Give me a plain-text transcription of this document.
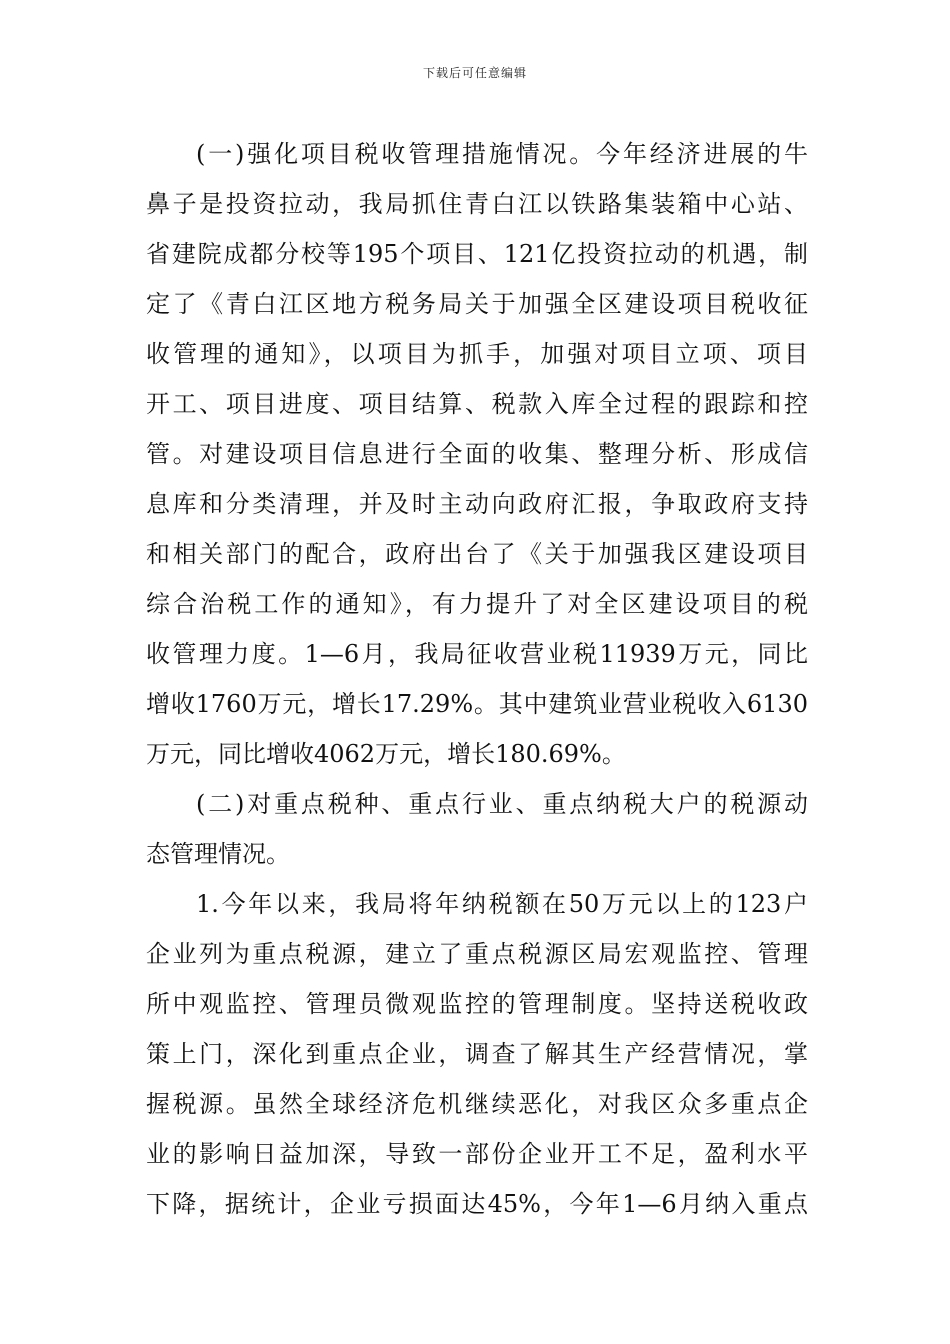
下载后可任意编辑
(一)强化项目税收管理措施情况。今年经济进展的牛
鼻子是投资拉动，我局抓住青白江以铁路集装箱中心站、
省建院成都分校等195个项目、121亿投资拉动的机遇，制
定了《青白江区地方税务局关于加强全区建设项目税收征
收管理的通知》，以项目为抓手，加强对项目立项、项目
开工、项目进度、项目结算、税款入库全过程的跟踪和控
管。对建设项目信息进行全面的收集、整理分析、形成信
息库和分类清理，并及时主动向政府汇报，争取政府支持
和相关部门的配合，政府出台了《关于加强我区建设项目
综合治税工作的通知》，有力提升了对全区建设项目的税
收管理力度。1—6月，我局征收营业税11939万元，同比
增收1760万元，增长17.29%。其中建筑业营业税收入6130
万元，同比增收4062万元，增长180.69%。
(二)对重点税种、重点行业、重点纳税大户的税源动
态管理情况。
1.今年以来，我局将年纳税额在50万元以上的123户
企业列为重点税源，建立了重点税源区局宏观监控、管理
所中观监控、管理员微观监控的管理制度。坚持送税收政
策上门，深化到重点企业，调查了解其生产经营情况，掌
握税源。虽然全球经济危机继续恶化，对我区众多重点企
业的影响日益加深，导致一部份企业开工不足，盈利水平
下降，据统计，企业亏损面达45%，今年1—6月纳入重点
